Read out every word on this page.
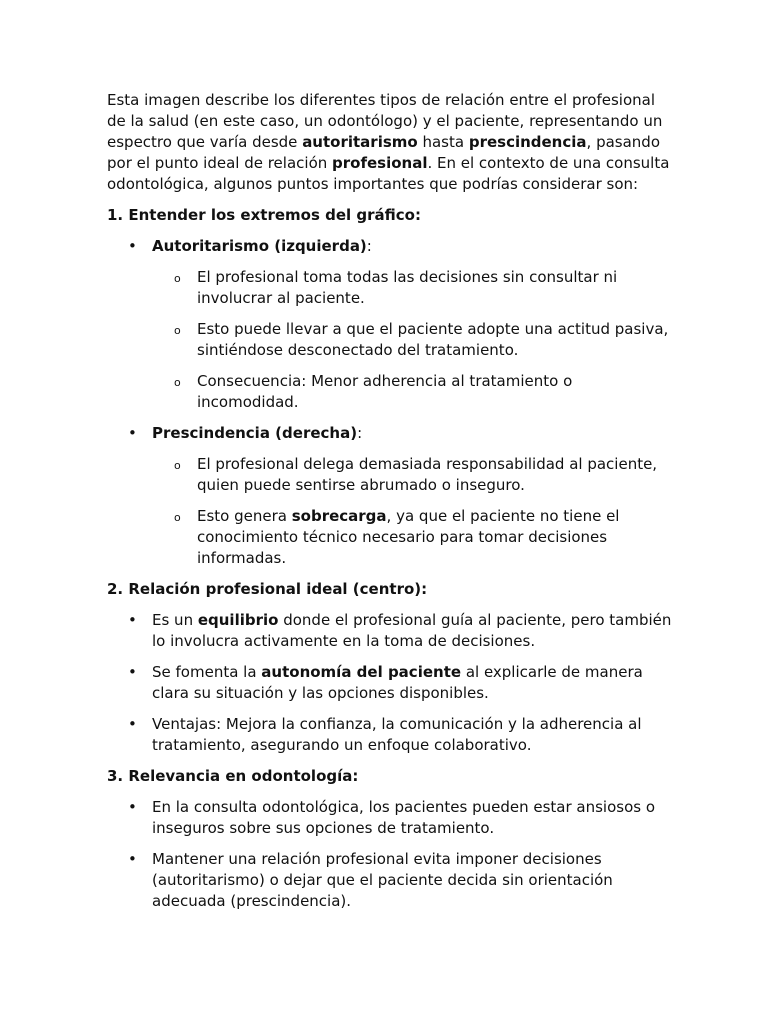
Esta imagen describe los diferentes tipos de relación entre el profesional de la salud (en este caso, un odontólogo) y el paciente, representando un espectro que varía desde autoritarismo hasta prescindencia, pasando por el punto ideal de relación profesional. En el contexto de una consulta odontológica, algunos puntos importantes que podrías considerar son:

1. Entender los extremos del gráfico:

• Autoritarismo (izquierda):
o El profesional toma todas las decisiones sin consultar ni involucrar al paciente.
o Esto puede llevar a que el paciente adopte una actitud pasiva, sintiéndose desconectado del tratamiento.
o Consecuencia: Menor adherencia al tratamiento o incomodidad.
• Prescindencia (derecha):
o El profesional delega demasiada responsabilidad al paciente, quien puede sentirse abrumado o inseguro.
o Esto genera sobrecarga, ya que el paciente no tiene el conocimiento técnico necesario para tomar decisiones informadas.

2. Relación profesional ideal (centro):

• Es un equilibrio donde el profesional guía al paciente, pero también lo involucra activamente en la toma de decisiones.
• Se fomenta la autonomía del paciente al explicarle de manera clara su situación y las opciones disponibles.
• Ventajas: Mejora la confianza, la comunicación y la adherencia al tratamiento, asegurando un enfoque colaborativo.

3. Relevancia en odontología:

• En la consulta odontológica, los pacientes pueden estar ansiosos o inseguros sobre sus opciones de tratamiento.
• Mantener una relación profesional evita imponer decisiones (autoritarismo) o dejar que el paciente decida sin orientación adecuada (prescindencia).
